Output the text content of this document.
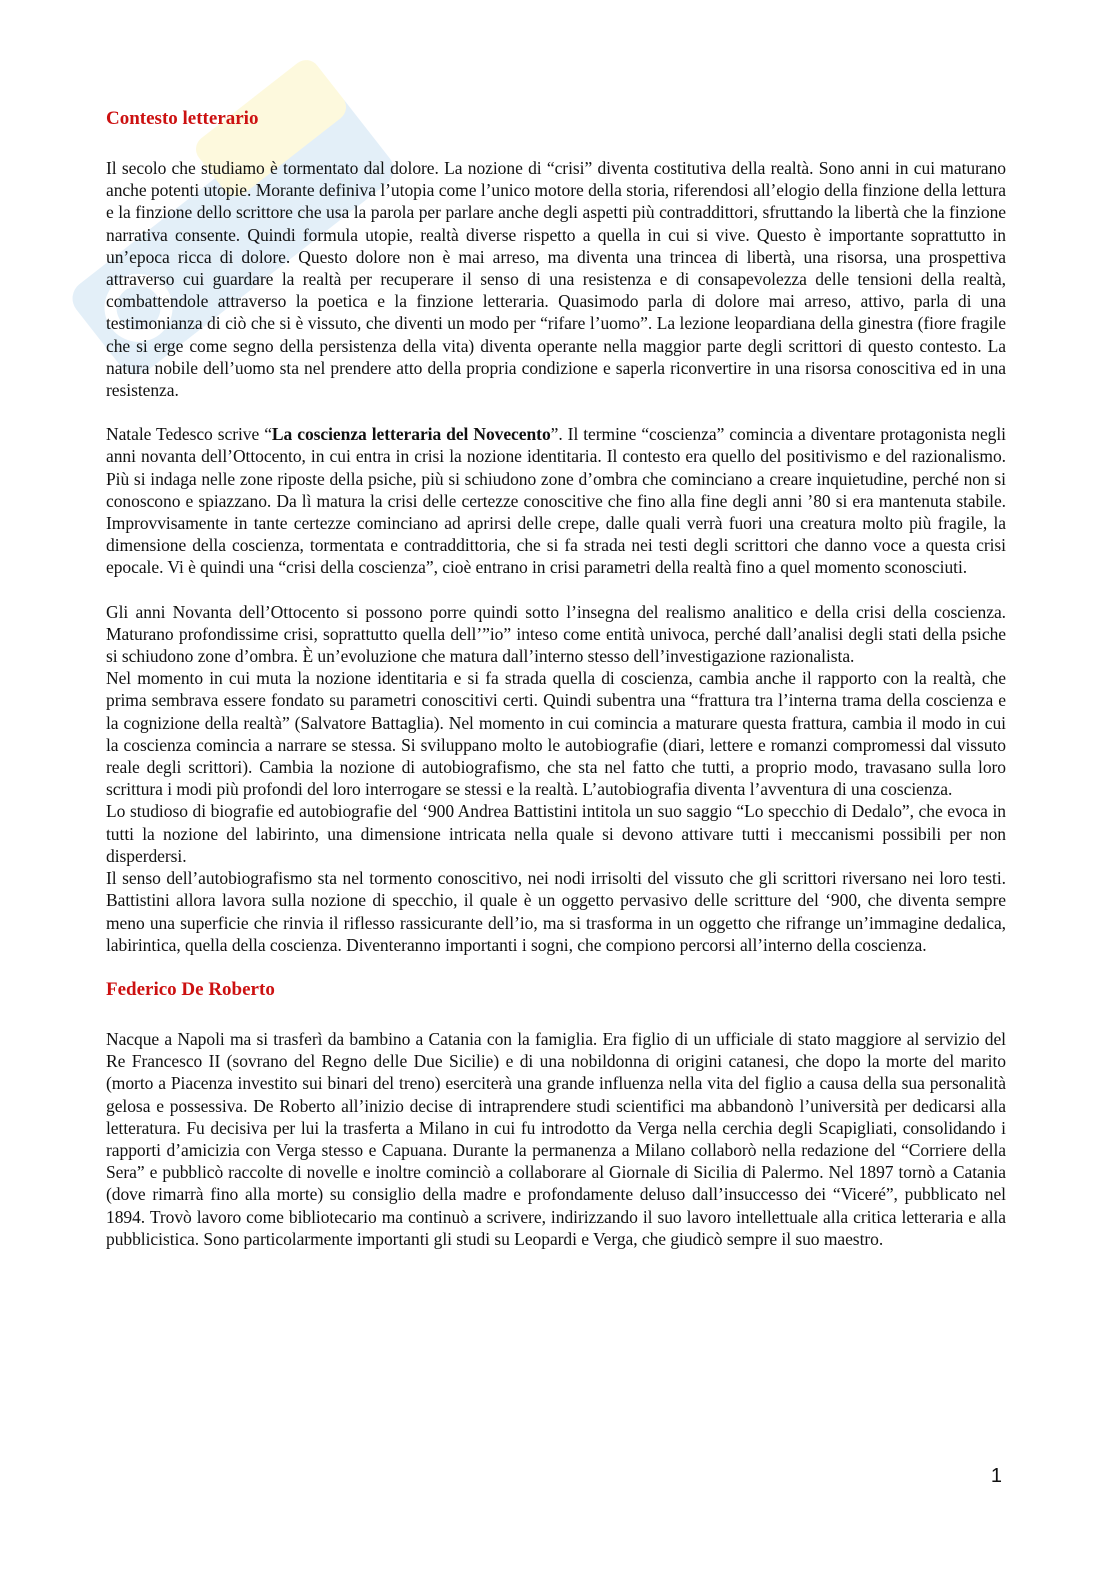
Contesto letterario

Il secolo che studiamo è tormentato dal dolore. La nozione di “crisi” diventa costitutiva della realtà. Sono anni in cui maturano anche potenti utopie. Morante definiva l’utopia come l’unico motore della storia, riferendosi all’elogio della finzione della lettura e la finzione dello scrittore che usa la parola per parlare anche degli aspetti più contraddittori, sfruttando la libertà che la finzione narrativa consente. Quindi formula utopie, realtà diverse rispetto a quella in cui si vive. Questo è importante soprattutto in un’epoca ricca di dolore. Questo dolore non è mai arreso, ma diventa una trincea di libertà, una risorsa, una prospettiva attraverso cui guardare la realtà per recuperare il senso di una resistenza e di consapevolezza delle tensioni della realtà, combattendole attraverso la poetica e la finzione letteraria. Quasimodo parla di dolore mai arreso, attivo, parla di una testimonianza di ciò che si è vissuto, che diventi un modo per “rifare l’uomo”. La lezione leopardiana della ginestra (fiore fragile che si erge come segno della persistenza della vita) diventa operante nella maggior parte degli scrittori di questo contesto. La natura nobile dell’uomo sta nel prendere atto della propria condizione e saperla riconvertire in una risorsa conoscitiva ed in una resistenza.

Natale Tedesco scrive “La coscienza letteraria del Novecento”. Il termine “coscienza” comincia a diventare protagonista negli anni novanta dell’Ottocento, in cui entra in crisi la nozione identitaria. Il contesto era quello del positivismo e del razionalismo. Più si indaga nelle zone riposte della psiche, più si schiudono zone d’ombra che cominciano a creare inquietudine, perché non si conoscono e spiazzano. Da lì matura la crisi delle certezze conoscitive che fino alla fine degli anni ’80 si era mantenuta stabile. Improvvisamente in tante certezze cominciano ad aprirsi delle crepe, dalle quali verrà fuori una creatura molto più fragile, la dimensione della coscienza, tormentata e contraddittoria, che si fa strada nei testi degli scrittori che danno voce a questa crisi epocale. Vi è quindi una “crisi della coscienza”, cioè entrano in crisi parametri della realtà fino a quel momento sconosciuti.

Gli anni Novanta dell’Ottocento si possono porre quindi sotto l’insegna del realismo analitico e della crisi della coscienza. Maturano profondissime crisi, soprattutto quella dell’”io” inteso come entità univoca, perché dall’analisi degli stati della psiche si schiudono zone d’ombra. È un’evoluzione che matura dall’interno stesso dell’investigazione razionalista.

Nel momento in cui muta la nozione identitaria e si fa strada quella di coscienza, cambia anche il rapporto con la realtà, che prima sembrava essere fondato su parametri conoscitivi certi. Quindi subentra una “frattura tra l’interna trama della coscienza e la cognizione della realtà” (Salvatore Battaglia). Nel momento in cui comincia a maturare questa frattura, cambia il modo in cui la coscienza comincia a narrare se stessa. Si sviluppano molto le autobiografie (diari, lettere e romanzi compromessi dal vissuto reale degli scrittori). Cambia la nozione di autobiografismo, che sta nel fatto che tutti, a proprio modo, travasano sulla loro scrittura i modi più profondi del loro interrogare se stessi e la realtà. L’autobiografia diventa l’avventura di una coscienza.

Lo studioso di biografie ed autobiografie del ‘900 Andrea Battistini intitola un suo saggio “Lo specchio di Dedalo”, che evoca in tutti la nozione del labirinto, una dimensione intricata nella quale si devono attivare tutti i meccanismi possibili per non disperdersi.

Il senso dell’autobiografismo sta nel tormento conoscitivo, nei nodi irrisolti del vissuto che gli scrittori riversano nei loro testi. Battistini allora lavora sulla nozione di specchio, il quale è un oggetto pervasivo delle scritture del ‘900, che diventa sempre meno una superficie che rinvia il riflesso rassicurante dell’io, ma si trasforma in un oggetto che rifrange un’immagine dedalica, labirintica, quella della coscienza. Diventeranno importanti i sogni, che compiono percorsi all’interno della coscienza.

Federico De Roberto

Nacque a Napoli ma si trasferì da bambino a Catania con la famiglia. Era figlio di un ufficiale di stato maggiore al servizio del Re Francesco II (sovrano del Regno delle Due Sicilie) e di una nobildonna di origini catanesi, che dopo la morte del marito (morto a Piacenza investito sui binari del treno) eserciterà una grande influenza nella vita del figlio a causa della sua personalità gelosa e possessiva. De Roberto all’inizio decise di intraprendere studi scientifici ma abbandonò l’università per dedicarsi alla letteratura. Fu decisiva per lui la trasferta a Milano in cui fu introdotto da Verga nella cerchia degli Scapigliati, consolidando i rapporti d’amicizia con Verga stesso e Capuana. Durante la permanenza a Milano collaborò nella redazione del “Corriere della Sera” e pubblicò raccolte di novelle e inoltre cominciò a collaborare al Giornale di Sicilia di Palermo. Nel 1897 tornò a Catania (dove rimarrà fino alla morte) su consiglio della madre e profondamente deluso dall’insuccesso dei “Viceré”, pubblicato nel 1894. Trovò lavoro come bibliotecario ma continuò a scrivere, indirizzando il suo lavoro intellettuale alla critica letteraria e alla pubblicistica. Sono particolarmente importanti gli studi su Leopardi e Verga, che giudicò sempre il suo maestro.

1
